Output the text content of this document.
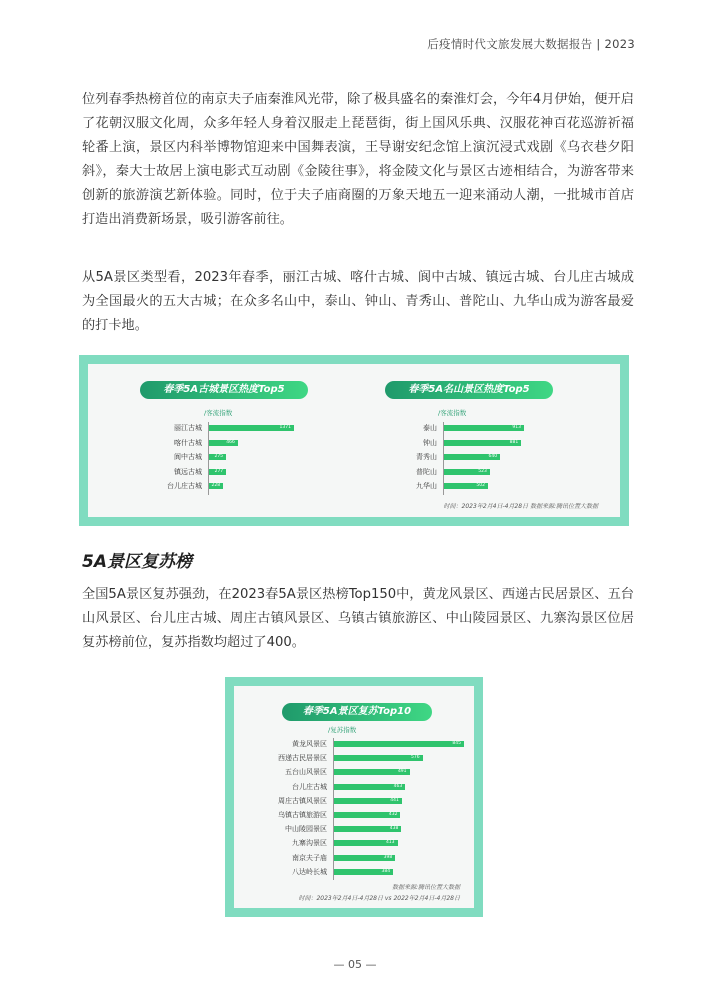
后疫情时代文旅发展大数据报告 | 2023

位列春季热榜首位的南京夫子庙秦淮风光带，除了极具盛名的秦淮灯会，今年4月伊始，便开启了花朝汉服文化周，众多年轻人身着汉服走上琵琶街，街上国风乐典、汉服花神百花巡游祈福轮番上演，景区内科举博物馆迎来中国舞表演，王导谢安纪念馆上演沉浸式戏剧《乌衣巷夕阳斜》，秦大士故居上演电影式互动剧《金陵往事》，将金陵文化与景区古迹相结合，为游客带来创新的旅游演艺新体验。同时，位于夫子庙商圈的万象天地五一迎来涌动人潮，一批城市首店打造出消费新场景，吸引游客前往。

从5A景区类型看，2023年春季，丽江古城、喀什古城、阆中古城、镇远古城、台儿庄古城成为全国最火的五大古城；在众多名山中，泰山、钟山、青秀山、普陀山、九华山成为游客最爱的打卡地。

春季5A古城景区热度Top5	春季5A名山景区热度Top5
/客流指数
丽江古城	1371
喀什古城	466
阆中古城	275
镇远古城	277
台儿庄古城	228
/客流指数
泰山	913
钟山	881
青秀山	640
普陀山	523
九华山	502
时间：2023年2月4日-4月28日 数据来源:腾讯位置大数据
5A景区复苏榜

全国5A景区复苏强劲，在2023春5A景区热榜Top150中，黄龙风景区、西递古民居景区、五台山风景区、台儿庄古城、周庄古镇风景区、乌镇古镇旅游区、中山陵园景区、九寨沟景区位居复苏榜前位，复苏指数均超过了400。

春季5A景区复苏Top10
/复苏指数
黄龙风景区	845
西递古民居景区	576
五台山风景区	491
台儿庄古城	463
周庄古镇风景区	441
乌镇古镇旅游区	432
中山陵园景区	438
九寨沟景区	413
南京夫子庙	398
八达岭长城	384
数据来源:腾讯位置大数据
时间：2023年2月4日-4月28日 vs 2022年2月4日-4月28日
— 05 —
